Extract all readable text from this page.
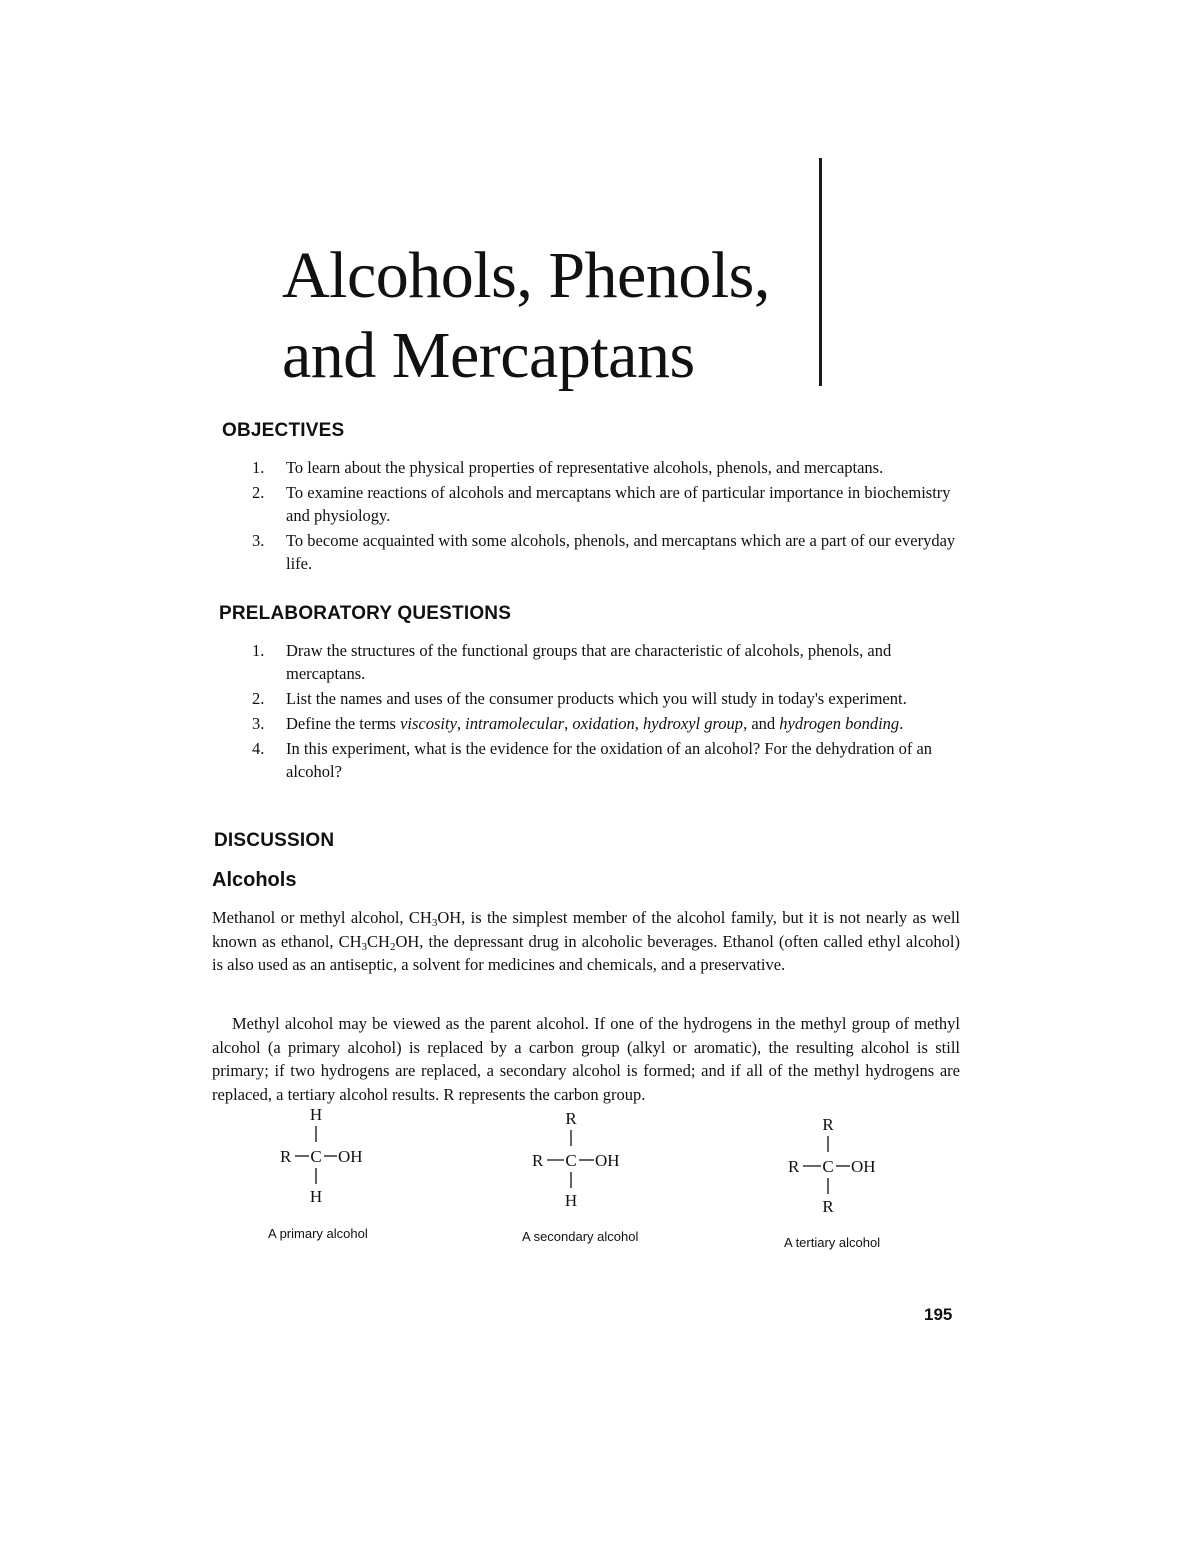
Alcohols, Phenols,
and Mercaptans
OBJECTIVES
1. To learn about the physical properties of representative alcohols, phenols, and mercaptans.
2. To examine reactions of alcohols and mercaptans which are of particular importance in biochemistry and physiology.
3. To become acquainted with some alcohols, phenols, and mercaptans which are a part of our everyday life.
PRELABORATORY QUESTIONS
1. Draw the structures of the functional groups that are characteristic of alcohols, phenols, and mercaptans.
2. List the names and uses of the consumer products which you will study in today's experiment.
3. Define the terms viscosity, intramolecular, oxidation, hydroxyl group, and hydrogen bonding.
4. In this experiment, what is the evidence for the oxidation of an alcohol? For the dehydration of an alcohol?
DISCUSSION
Alcohols

Methanol or methyl alcohol, $CH_3OH$, is the simplest member of the alcohol family, but it is not nearly as well known as ethanol, $CH_3CH_2OH$, the depressant drug in alcoholic beverages. Ethanol (often called ethyl alcohol) is also used as an antiseptic, a solvent for medicines and chemicals, and a preservative.

Methyl alcohol may be viewed as the parent alcohol. If one of the hydrogens in the methyl group of methyl alcohol (a primary alcohol) is replaced by a carbon group (alkyl or aromatic), the resulting alcohol is still primary; if two hydrogens are replaced, a secondary alcohol is formed; and if all of the methyl hydrogens are replaced, a tertiary alcohol results. R represents the carbon group.

H
R C OH
H
A primary alcohol
R
R C OH
H
A secondary alcohol
R
R C OH
R
A tertiary alcohol
195
